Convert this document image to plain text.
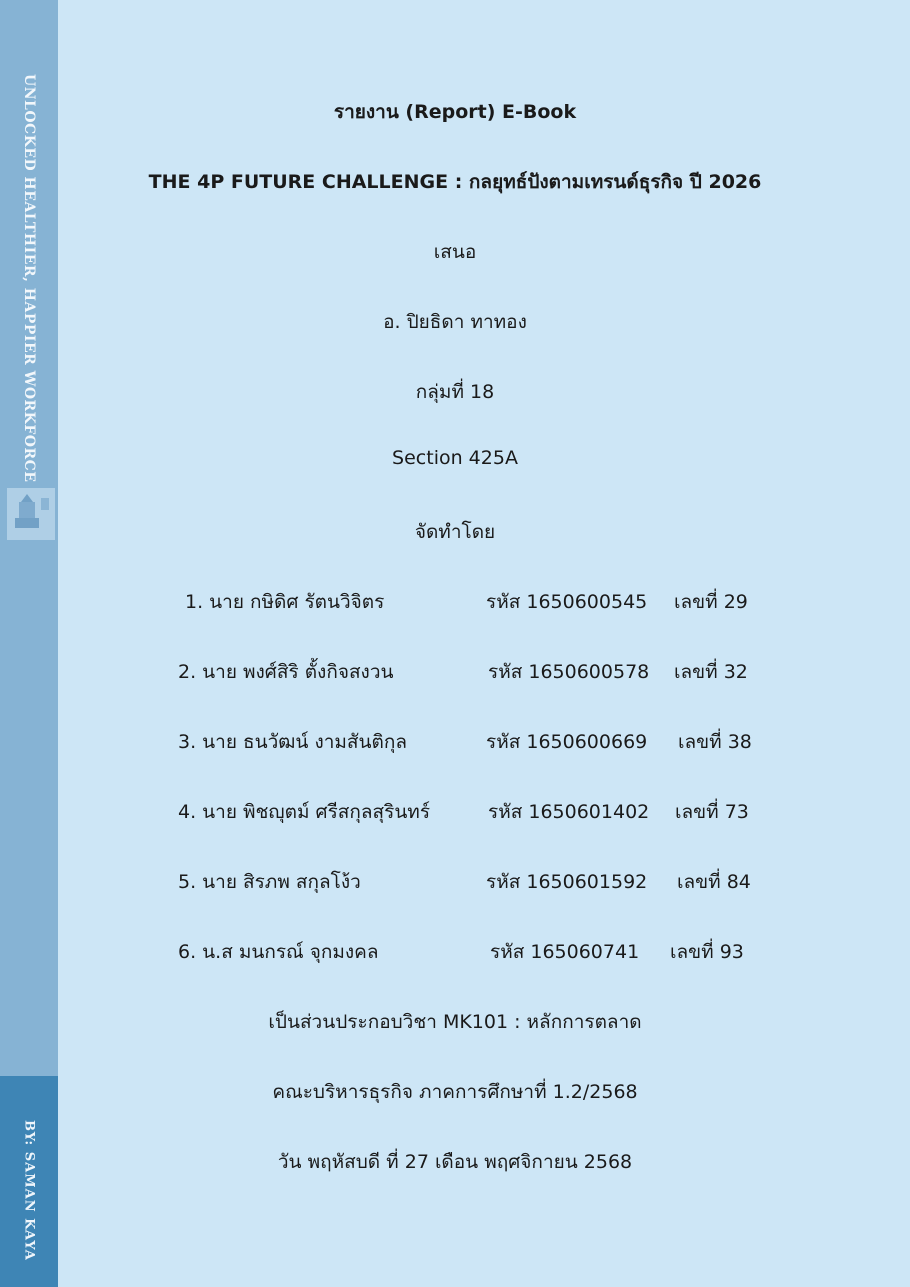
UNLOCKED HEALTHIER, HAPPIER WORKFORCE
BY: SAMAN KAYA
รายงาน (Report) E-Book
THE 4P FUTURE CHALLENGE : กลยุทธ์ปังตามเทรนด์ธุรกิจ ปี 2026
เสนอ
อ. ปิยธิดา ทาทอง
กลุ่มที่ 18
Section 425A
จัดทำโดย
1. นาย กษิดิศ รัตนวิจิตร	รหัส 1650600545 เลขที่ 29
2. นาย พงศ์สิริ ตั้งกิจสงวน	รหัส 1650600578 เลขที่ 32
3. นาย ธนวัฒน์ งามสันติกุล	รหัส 1650600669 เลขที่ 38
4. นาย พิชญุตม์ ศรีสกุลสุรินทร์	รหัส 1650601402 เลขที่ 73
5. นาย สิรภพ สกุลโง้ว	รหัส 1650601592 เลขที่ 84
6. น.ส มนกรณ์ จุกมงคล	รหัส 165060741 เลขที่ 93
เป็นส่วนประกอบวิชา MK101 : หลักการตลาด
คณะบริหารธุรกิจ ภาคการศึกษาที่ 1.2/2568
วัน พฤหัสบดี ที่ 27 เดือน พฤศจิกายน 2568
